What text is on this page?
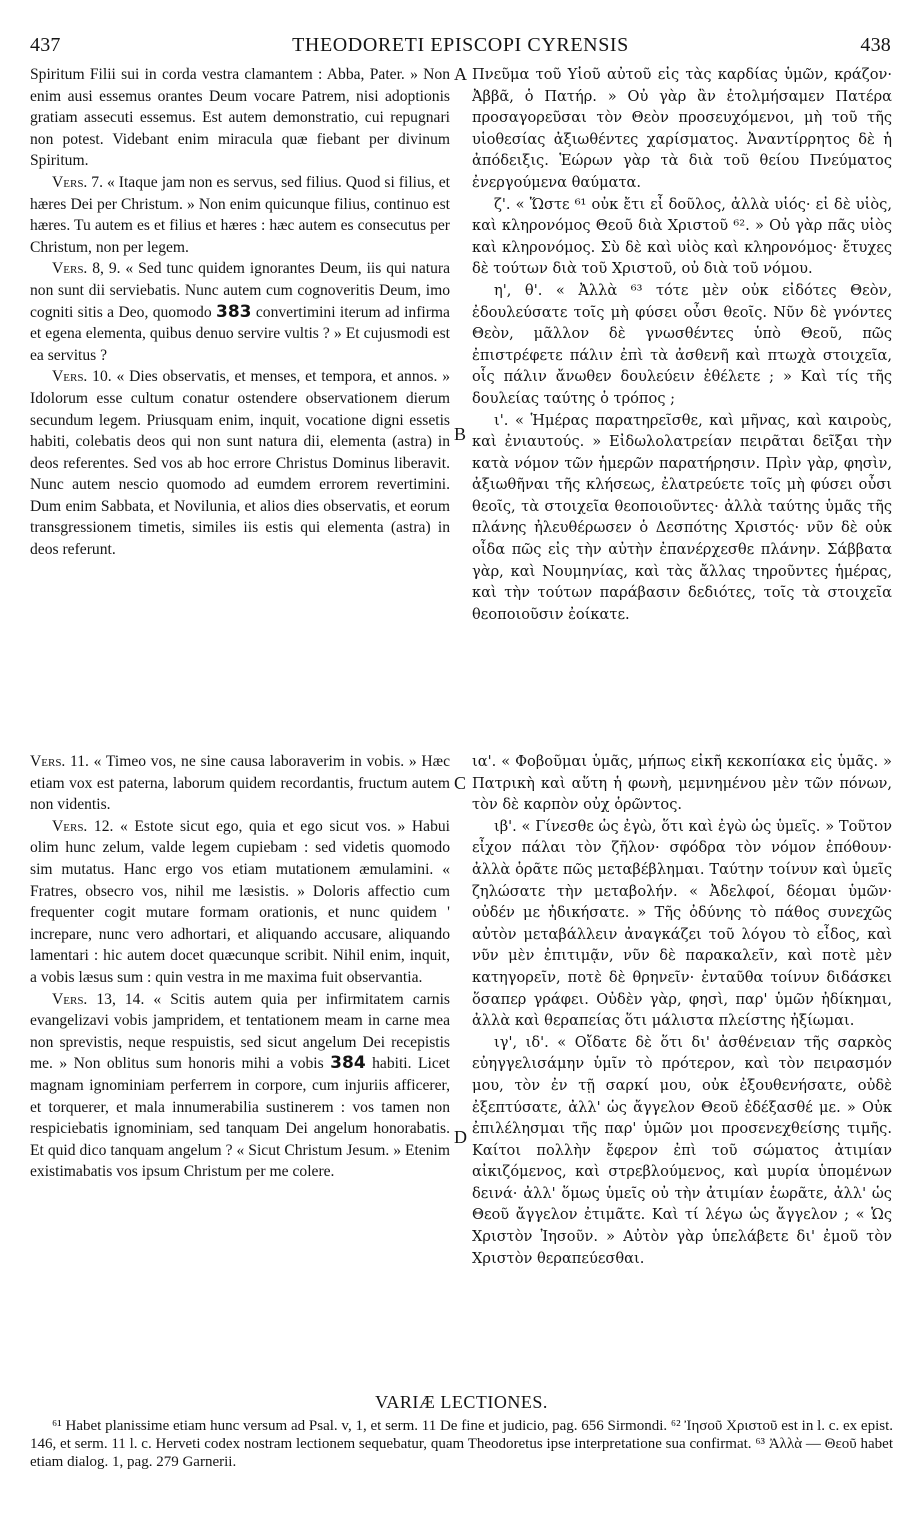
437	THEODORETI EPISCOPI CYRENSIS	438
A
B
C
D

Spiritum Filii sui in corda vestra clamantem : Abba, Pater. » Non enim ausi essemus orantes Deum vocare Patrem, nisi adoptionis gratiam assecuti essemus. Est autem demonstratio, cui repugnari non potest. Videbant enim miracula quæ fiebant per divinum Spiritum.

Vers. 7. « Itaque jam non es servus, sed filius. Quod si filius, et hæres Dei per Christum. » Non enim quicunque filius, continuo est hæres. Tu autem es et filius et hæres : hæc autem es consecutus per Christum, non per legem.

Vers. 8, 9. « Sed tunc quidem ignorantes Deum, iis qui natura non sunt dii serviebatis. Nunc autem cum cognoveritis Deum, imo cogniti sitis a Deo, quomodo 383 convertimini iterum ad infirma et egena elementa, quibus denuo servire vultis ? » Et cujusmodi est ea servitus ?

Vers. 10. « Dies observatis, et menses, et tempora, et annos. » Idolorum esse cultum conatur ostendere observationem dierum secundum legem. Priusquam enim, inquit, vocatione digni essetis habiti, colebatis deos qui non sunt natura dii, elementa (astra) in deos referentes. Sed vos ab hoc errore Christus Dominus liberavit. Nunc autem nescio quomodo ad eumdem errorem revertimini. Dum enim Sabbata, et Novilunia, et alios dies observatis, et eorum transgressionem timetis, similes iis estis qui elementa (astra) in deos referunt.

Vers. 11. « Timeo vos, ne sine causa laboraverim in vobis. » Hæc etiam vox est paterna, laborum quidem recordantis, fructum autem non videntis.

Vers. 12. « Estote sicut ego, quia et ego sicut vos. » Habui olim hunc zelum, valde legem cupiebam : sed videtis quomodo sim mutatus. Hanc ergo vos etiam mutationem æmulamini. « Fratres, obsecro vos, nihil me læsistis. » Doloris affectio cum frequenter cogit mutare formam orationis, et nunc quidem ' increpare, nunc vero adhortari, et aliquando accusare, aliquando lamentari : hic autem docet quæcunque scribit. Nihil enim, inquit, a vobis læsus sum : quin vestra in me maxima fuit observantia.

Vers. 13, 14. « Scitis autem quia per infirmitatem carnis evangelizavi vobis jampridem, et tentationem meam in carne mea non sprevistis, neque respuistis, sed sicut angelum Dei recepistis me. » Non oblitus sum honoris mihi a vobis 384 habiti. Licet magnam ignominiam perferrem in corpore, cum injuriis afficerer, et torquerer, et mala innumerabilia sustinerem : vos tamen non respiciebatis ignominiam, sed tanquam Dei angelum honorabatis. Et quid dico tanquam angelum ? « Sicut Christum Jesum. » Etenim existimabatis vos ipsum Christum per me colere.

Πνεῦμα τοῦ Υἱοῦ αὐτοῦ εἰς τὰς καρδίας ὑμῶν, κράζον· Ἀββᾶ, ὁ Πατήρ. » Οὐ γὰρ ἂν ἐτολμήσαμεν Πατέρα προσαγορεῦσαι τὸν Θεὸν προσευχόμενοι, μὴ τοῦ τῆς υἱοθεσίας ἀξιωθέντες χαρίσματος. Ἀναντίρρητος δὲ ἡ ἀπόδειξις. Ἑώρων γὰρ τὰ διὰ τοῦ θείου Πνεύματος ἐνεργούμενα θαύματα.

ζ'. « Ὥστε ⁶¹ οὐκ ἔτι εἶ δοῦλος, ἀλλὰ υἱός· εἰ δὲ υἱὸς, καὶ κληρονόμος Θεοῦ διὰ Χριστοῦ ⁶². » Οὐ γὰρ πᾶς υἱὸς καὶ κληρονόμος. Σὺ δὲ καὶ υἱὸς καὶ κληρονόμος· ἔτυχες δὲ τούτων διὰ τοῦ Χριστοῦ, οὐ διὰ τοῦ νόμου.

η', θ'. « Ἀλλὰ ⁶³ τότε μὲν οὐκ εἰδότες Θεὸν, ἐδουλεύσατε τοῖς μὴ φύσει οὖσι θεοῖς. Νῦν δὲ γνόντες Θεὸν, μᾶλλον δὲ γνωσθέντες ὑπὸ Θεοῦ, πῶς ἐπιστρέφετε πάλιν ἐπὶ τὰ ἀσθενῆ καὶ πτωχὰ στοιχεῖα, οἷς πάλιν ἄνωθεν δουλεύειν ἐθέλετε ; » Καὶ τίς τῆς δουλείας ταύτης ὁ τρόπος ;

ι'. « Ἡμέρας παρατηρεῖσθε, καὶ μῆνας, καὶ καιροὺς, καὶ ἐνιαυτούς. » Εἰδωλολατρείαν πειρᾶται δεῖξαι τὴν κατὰ νόμον τῶν ἡμερῶν παρατήρησιν. Πρὶν γὰρ, φησὶν, ἀξιωθῆναι τῆς κλήσεως, ἐλατρεύετε τοῖς μὴ φύσει οὖσι θεοῖς, τὰ στοιχεῖα θεοποιοῦντες· ἀλλὰ ταύτης ὑμᾶς τῆς πλάνης ἠλευθέρωσεν ὁ Δεσπότης Χριστός· νῦν δὲ οὐκ οἶδα πῶς εἰς τὴν αὐτὴν ἐπανέρχεσθε πλάνην. Σάββατα γὰρ, καὶ Νουμηνίας, καὶ τὰς ἄλλας τηροῦντες ἡμέρας, καὶ τὴν τούτων παράβασιν δεδιότες, τοῖς τὰ στοιχεῖα θεοποιοῦσιν ἐοίκατε.

ια'. « Φοβοῦμαι ὑμᾶς, μήπως εἰκῆ κεκοπίακα εἰς ὑμᾶς. » Πατρικὴ καὶ αὕτη ἡ φωνὴ, μεμνημένου μὲν τῶν πόνων, τὸν δὲ καρπὸν οὐχ ὁρῶντος.

ιβ'. « Γίνεσθε ὡς ἐγὼ, ὅτι καὶ ἐγὼ ὡς ὑμεῖς. » Τοῦτον εἶχον πάλαι τὸν ζῆλον· σφόδρα τὸν νόμον ἐπόθουν· ἀλλὰ ὁρᾶτε πῶς μεταβέβλημαι. Ταύτην τοίνυν καὶ ὑμεῖς ζηλώσατε τὴν μεταβολήν. « Ἀδελφοί, δέομαι ὑμῶν· οὐδέν με ἠδικήσατε. » Τῆς ὀδύνης τὸ πάθος συνεχῶς αὐτὸν μεταβάλλειν ἀναγκάζει τοῦ λόγου τὸ εἶδος, καὶ νῦν μὲν ἐπιτιμᾷν, νῦν δὲ παρακαλεῖν, καὶ ποτὲ μὲν κατηγορεῖν, ποτὲ δὲ θρηνεῖν· ἐνταῦθα τοίνυν διδάσκει ὅσαπερ γράφει. Οὐδὲν γὰρ, φησὶ, παρ' ὑμῶν ἠδίκημαι, ἀλλὰ καὶ θεραπείας ὅτι μάλιστα πλείστης ἠξίωμαι.

ιγ', ιδ'. « Οἴδατε δὲ ὅτι δι' ἀσθένειαν τῆς σαρκὸς εὐηγγελισάμην ὑμῖν τὸ πρότερον, καὶ τὸν πειρασμόν μου, τὸν ἐν τῇ σαρκί μου, οὐκ ἐξουθενήσατε, οὐδὲ ἐξεπτύσατε, ἀλλ' ὡς ἄγγελον Θεοῦ ἐδέξασθέ με. » Οὐκ ἐπιλέλησμαι τῆς παρ' ὑμῶν μοι προσενεχθείσης τιμῆς. Καίτοι πολλὴν ἔφερον ἐπὶ τοῦ σώματος ἀτιμίαν αἰκιζόμενος, καὶ στρεβλούμενος, καὶ μυρία ὑπομένων δεινά· ἀλλ' ὅμως ὑμεῖς οὐ τὴν ἀτιμίαν ἑωρᾶτε, ἀλλ' ὡς Θεοῦ ἄγγελον ἐτιμᾶτε. Καὶ τί λέγω ὡς ἄγγελον ; « Ὡς Χριστὸν Ἰησοῦν. » Αὐτὸν γὰρ ὑπελάβετε δι' ἐμοῦ τὸν Χριστὸν θεραπεύεσθαι.

VARIÆ LECTIONES.

⁶¹ Habet planissime etiam hunc versum ad Psal. v, 1, et serm. 11 De fine et judicio, pag. 656 Sirmondi. ⁶² Ἰησοῦ Χριστοῦ est in l. c. ex epist. 146, et serm. 11 l. c. Herveti codex nostram lectionem sequebatur, quam Theodoretus ipse interpretatione sua confirmat. ⁶³ Ἀλλὰ — Θεοῦ habet etiam dialog. 1, pag. 279 Garnerii.
